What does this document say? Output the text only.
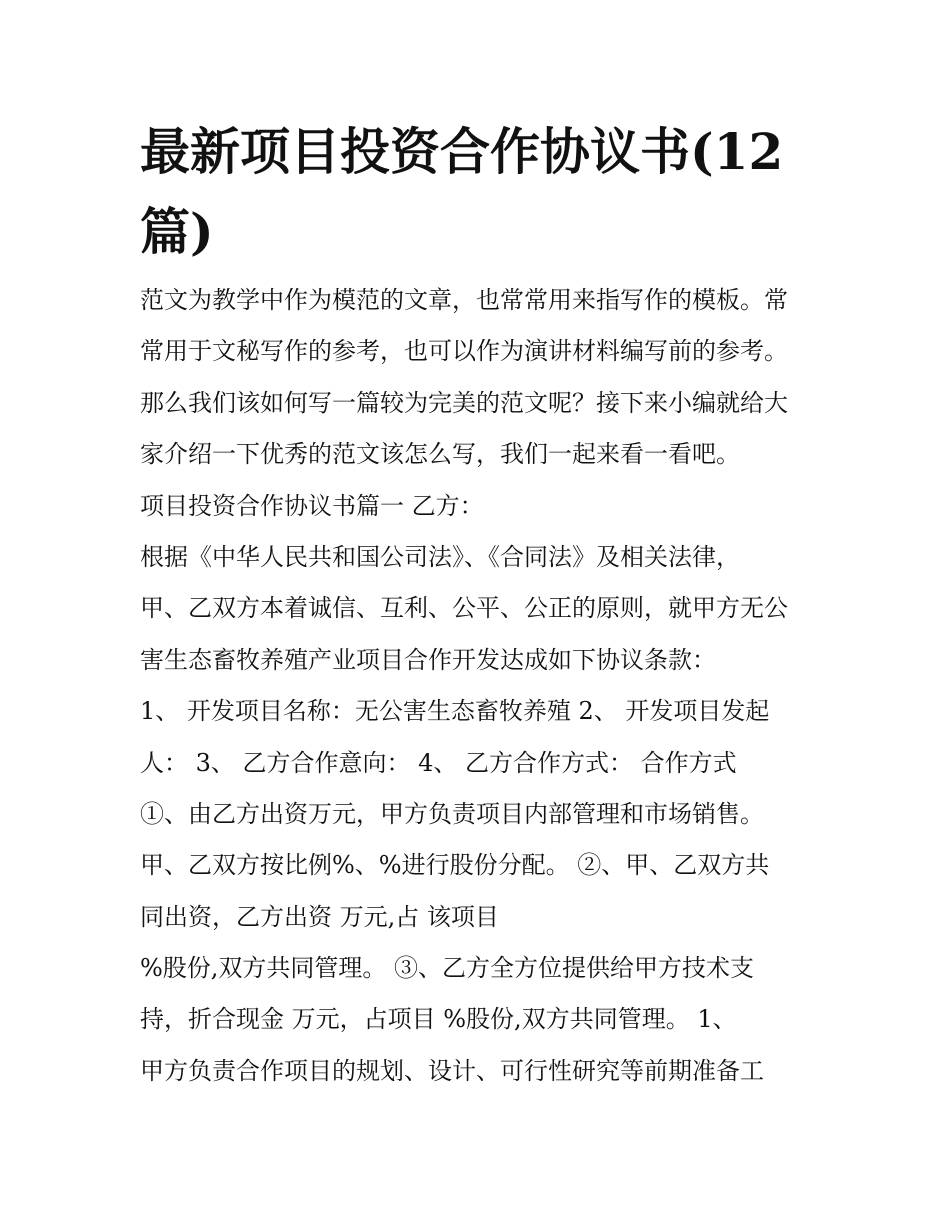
最新项目投资合作协议书(12
篇)
范文为教学中作为模范的文章，也常常用来指写作的模板。常
常用于文秘写作的参考，也可以作为演讲材料编写前的参考。
那么我们该如何写一篇较为完美的范文呢？接下来小编就给大
家介绍一下优秀的范文该怎么写，我们一起来看一看吧。
项目投资合作协议书篇一 乙方：
根据《中华人民共和国公司法》、《合同法》及相关法律，
甲、乙双方本着诚信、互利、公平、公正的原则，就甲方无公
害生态畜牧养殖产业项目合作开发达成如下协议条款：
1、 开发项目名称：无公害生态畜牧养殖 2、 开发项目发起
人： 3、 乙方合作意向： 4、 乙方合作方式： 合作方式
①、由乙方出资万元，甲方负责项目内部管理和市场销售。
甲、乙双方按比例%、%进行股份分配。 ②、甲、乙双方共
同出资，乙方出资 万元,占 该项目
%股份,双方共同管理。 ③、乙方全方位提供给甲方技术支
持，折合现金 万元，占项目 %股份,双方共同管理。 1、
甲方负责合作项目的规划、设计、可行性研究等前期准备工
